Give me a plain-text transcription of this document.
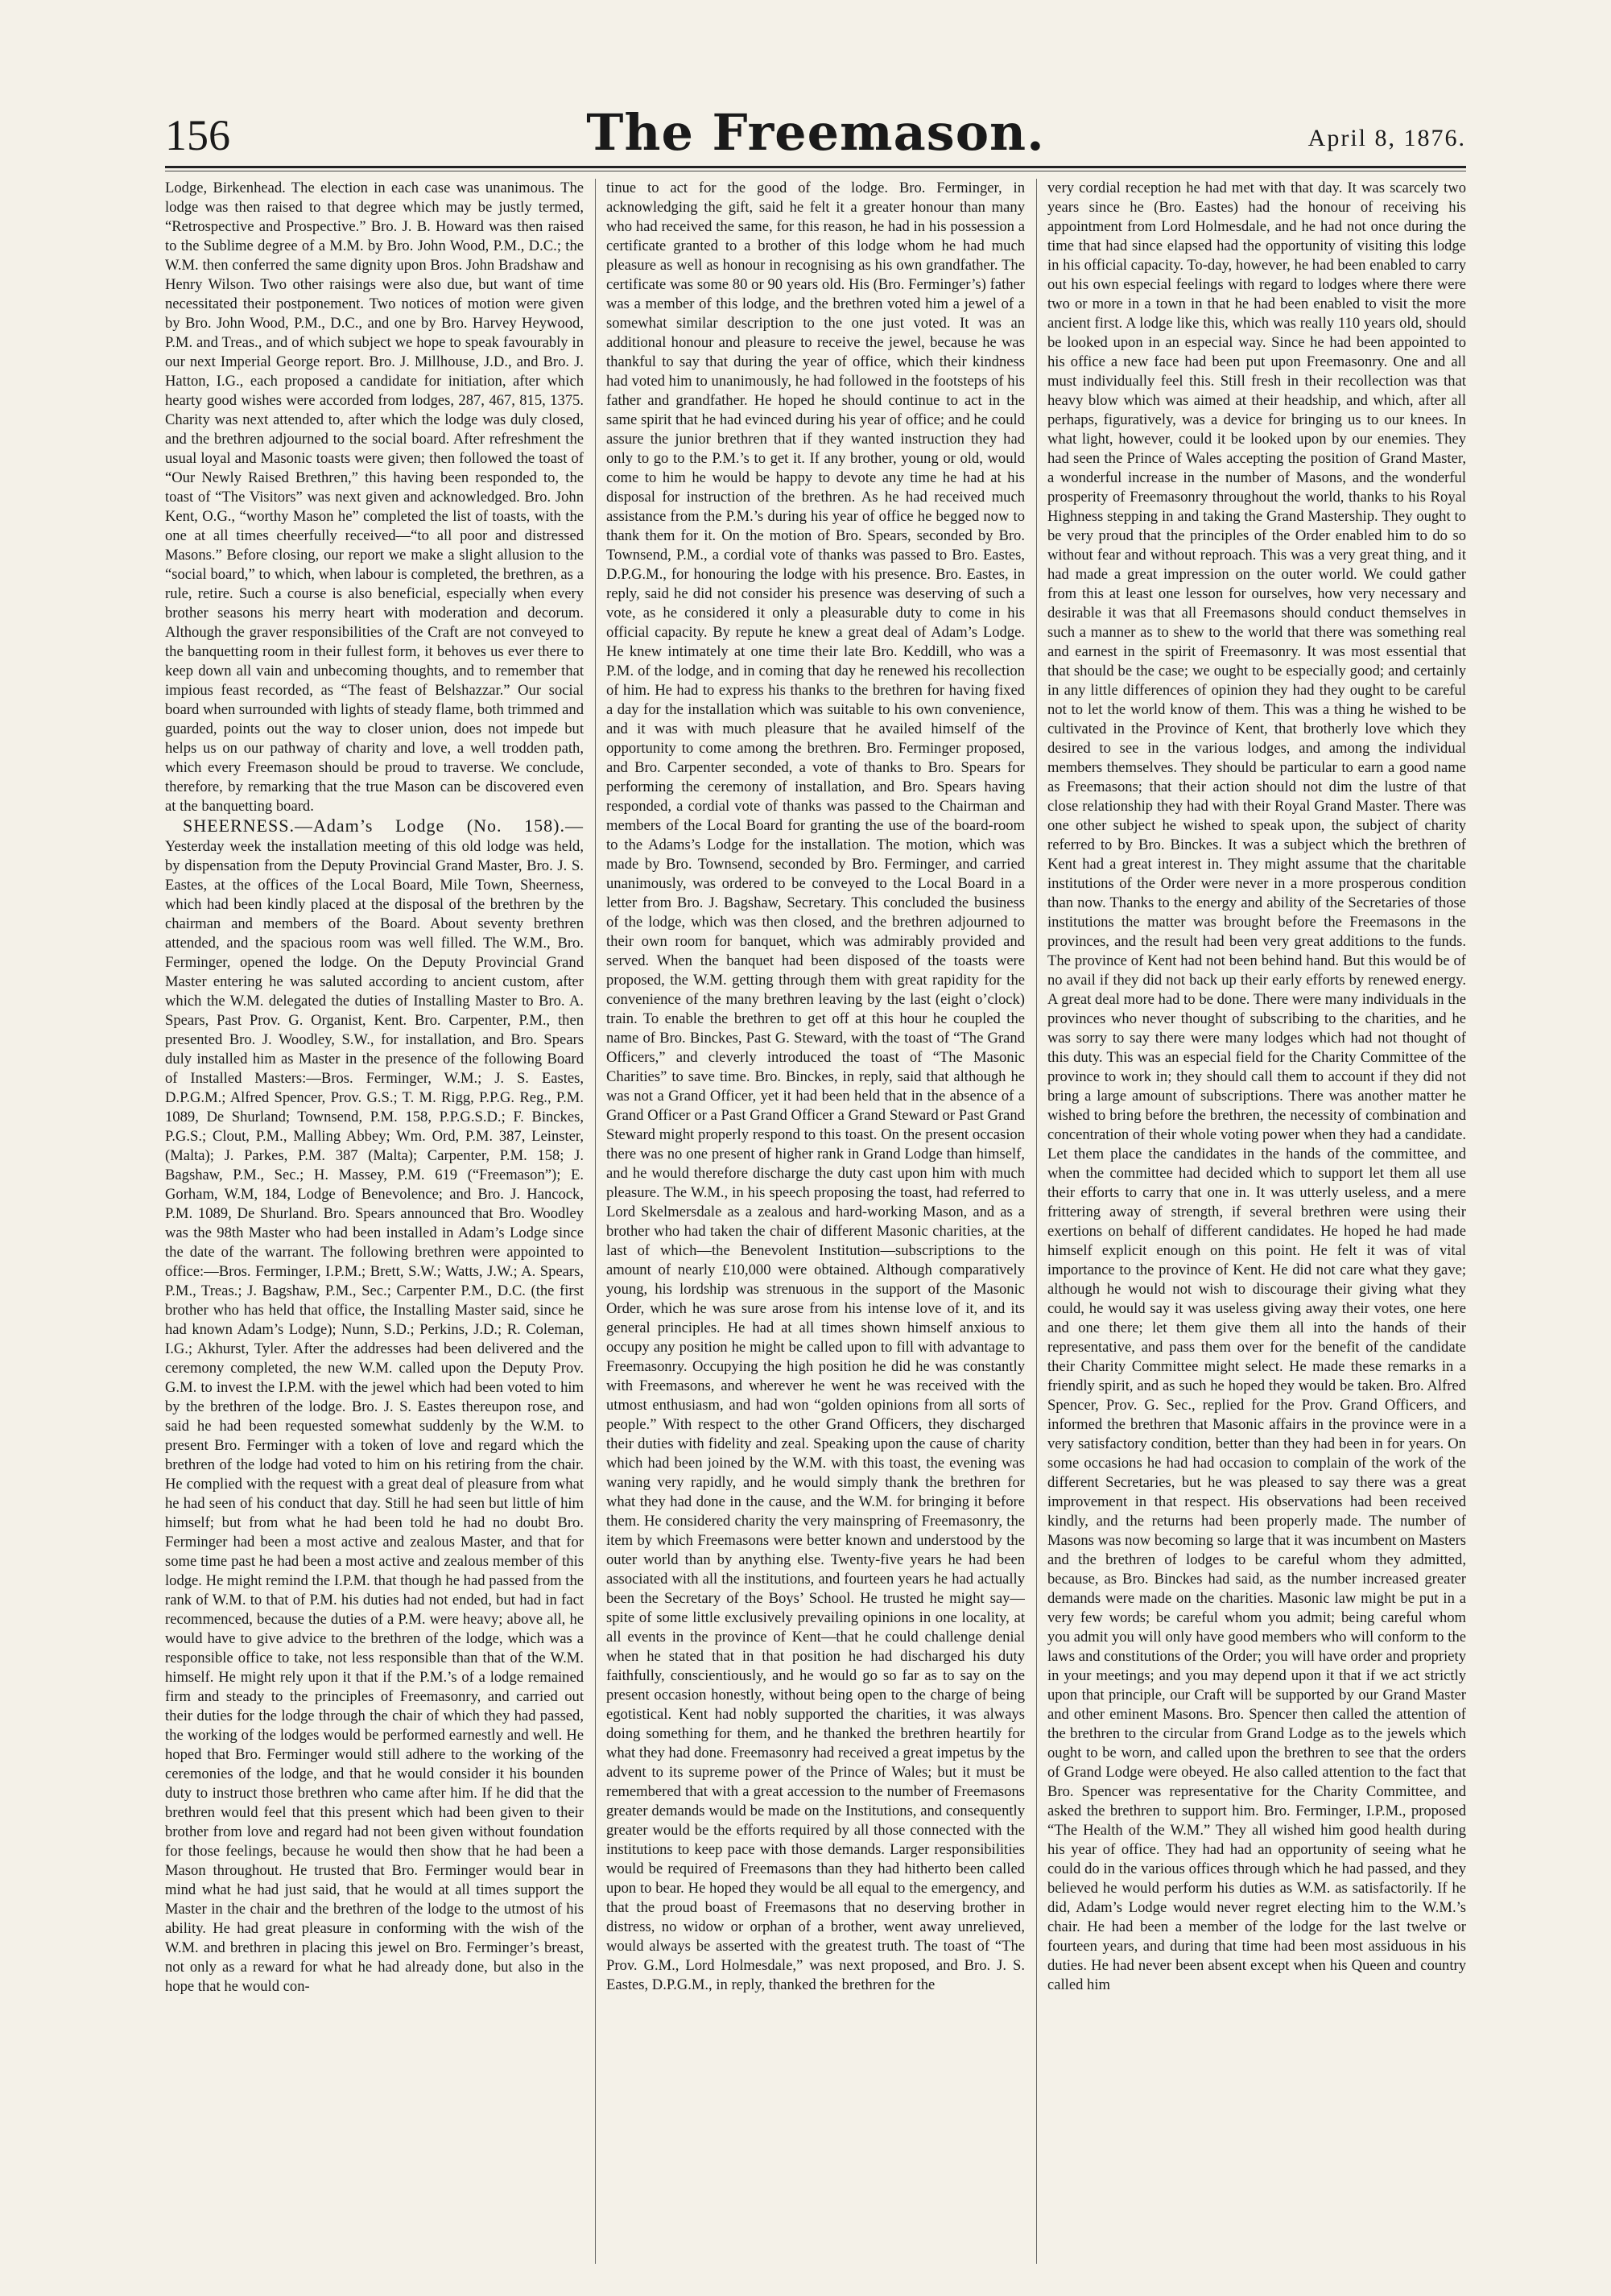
156	The Freemason.	April 8, 1876.

Lodge, Birkenhead. The election in each case was unanimous. The lodge was then raised to that degree which may be justly termed, “Retrospective and Prospective.” Bro. J. B. Howard was then raised to the Sublime degree of a M.M. by Bro. John Wood, P.M., D.C.; the W.M. then conferred the same dignity upon Bros. John Bradshaw and Henry Wilson. Two other raisings were also due, but want of time necessitated their postponement. Two notices of motion were given by Bro. John Wood, P.M., D.C., and one by Bro. Harvey Heywood, P.M. and Treas., and of which subject we hope to speak favourably in our next Imperial George report. Bro. J. Millhouse, J.D., and Bro. J. Hatton, I.G., each proposed a candidate for initiation, after which hearty good wishes were accorded from lodges, 287, 467, 815, 1375. Charity was next attended to, after which the lodge was duly closed, and the brethren adjourned to the social board. After refreshment the usual loyal and Masonic toasts were given; then followed the toast of “Our Newly Raised Brethren,” this having been responded to, the toast of “The Visitors” was next given and acknowledged. Bro. John Kent, O.G., “worthy Mason he” completed the list of toasts, with the one at all times cheerfully received—“to all poor and distressed Masons.” Before closing, our report we make a slight allusion to the “social board,” to which, when labour is completed, the brethren, as a rule, retire. Such a course is also beneficial, especially when every brother seasons his merry heart with moderation and decorum. Although the graver responsibilities of the Craft are not conveyed to the banquetting room in their fullest form, it behoves us ever there to keep down all vain and unbecoming thoughts, and to remember that impious feast recorded, as “The feast of Belshazzar.” Our social board when surrounded with lights of steady flame, both trimmed and guarded, points out the way to closer union, does not impede but helps us on our pathway of charity and love, a well trodden path, which every Freemason should be proud to traverse. We conclude, therefore, by remarking that the true Mason can be discovered even at the banquetting board.

SHEERNESS.—Adam’s Lodge (No. 158).— Yesterday week the installation meeting of this old lodge was held, by dispensation from the Deputy Provincial Grand Master, Bro. J. S. Eastes, at the offices of the Local Board, Mile Town, Sheerness, which had been kindly placed at the disposal of the brethren by the chairman and members of the Board. About seventy brethren attended, and the spacious room was well filled. The W.M., Bro. Ferminger, opened the lodge. On the Deputy Provincial Grand Master entering he was saluted according to ancient custom, after which the W.M. delegated the duties of Installing Master to Bro. A. Spears, Past Prov. G. Organist, Kent. Bro. Carpenter, P.M., then presented Bro. J. Woodley, S.W., for installation, and Bro. Spears duly installed him as Master in the presence of the following Board of Installed Masters:—Bros. Ferminger, W.M.; J. S. Eastes, D.P.G.M.; Alfred Spencer, Prov. G.S.; T. M. Rigg, P.P.G. Reg., P.M. 1089, De Shurland; Townsend, P.M. 158, P.P.G.S.D.; F. Binckes, P.G.S.; Clout, P.M., Malling Abbey; Wm. Ord, P.M. 387, Leinster, (Malta); J. Parkes, P.M. 387 (Malta); Carpenter, P.M. 158; J. Bagshaw, P.M., Sec.; H. Massey, P.M. 619 (“Freemason”); E. Gorham, W.M, 184, Lodge of Benevolence; and Bro. J. Hancock, P.M. 1089, De Shurland. Bro. Spears announced that Bro. Woodley was the 98th Master who had been installed in Adam’s Lodge since the date of the warrant. The following brethren were appointed to office:—Bros. Ferminger, I.P.M.; Brett, S.W.; Watts, J.W.; A. Spears, P.M., Treas.; J. Bagshaw, P.M., Sec.; Carpenter P.M., D.C. (the first brother who has held that office, the Installing Master said, since he had known Adam’s Lodge); Nunn, S.D.; Perkins, J.D.; R. Coleman, I.G.; Akhurst, Tyler. After the addresses had been delivered and the ceremony completed, the new W.M. called upon the Deputy Prov. G.M. to invest the I.P.M. with the jewel which had been voted to him by the brethren of the lodge. Bro. J. S. Eastes thereupon rose, and said he had been requested somewhat suddenly by the W.M. to present Bro. Ferminger with a token of love and regard which the brethren of the lodge had voted to him on his retiring from the chair. He complied with the request with a great deal of pleasure from what he had seen of his conduct that day. Still he had seen but little of him himself; but from what he had been told he had no doubt Bro. Ferminger had been a most active and zealous Master, and that for some time past he had been a most active and zealous member of this lodge. He might remind the I.P.M. that though he had passed from the rank of W.M. to that of P.M. his duties had not ended, but had in fact recommenced, because the duties of a P.M. were heavy; above all, he would have to give advice to the brethren of the lodge, which was a responsible office to take, not less responsible than that of the W.M. himself. He might rely upon it that if the P.M.’s of a lodge remained firm and steady to the principles of Freemasonry, and carried out their duties for the lodge through the chair of which they had passed, the working of the lodges would be performed earnestly and well. He hoped that Bro. Ferminger would still adhere to the working of the ceremonies of the lodge, and that he would consider it his bounden duty to instruct those brethren who came after him. If he did that the brethren would feel that this present which had been given to their brother from love and regard had not been given without foundation for those feelings, because he would then show that he had been a Mason throughout. He trusted that Bro. Ferminger would bear in mind what he had just said, that he would at all times support the Master in the chair and the brethren of the lodge to the utmost of his ability. He had great pleasure in conforming with the wish of the W.M. and brethren in placing this jewel on Bro. Ferminger’s breast, not only as a reward for what he had already done, but also in the hope that he would con-

tinue to act for the good of the lodge. Bro. Ferminger, in acknowledging the gift, said he felt it a greater honour than many who had received the same, for this reason, he had in his possession a certificate granted to a brother of this lodge whom he had much pleasure as well as honour in recognising as his own grandfather. The certificate was some 80 or 90 years old. His (Bro. Ferminger’s) father was a member of this lodge, and the brethren voted him a jewel of a somewhat similar description to the one just voted. It was an additional honour and pleasure to receive the jewel, because he was thankful to say that during the year of office, which their kindness had voted him to unanimously, he had followed in the footsteps of his father and grandfather. He hoped he should continue to act in the same spirit that he had evinced during his year of office; and he could assure the junior brethren that if they wanted instruction they had only to go to the P.M.’s to get it. If any brother, young or old, would come to him he would be happy to devote any time he had at his disposal for instruction of the brethren. As he had received much assistance from the P.M.’s during his year of office he begged now to thank them for it. On the motion of Bro. Spears, seconded by Bro. Townsend, P.M., a cordial vote of thanks was passed to Bro. Eastes, D.P.G.M., for honouring the lodge with his presence. Bro. Eastes, in reply, said he did not consider his presence was deserving of such a vote, as he considered it only a pleasurable duty to come in his official capacity. By repute he knew a great deal of Adam’s Lodge. He knew intimately at one time their late Bro. Keddill, who was a P.M. of the lodge, and in coming that day he renewed his recollection of him. He had to express his thanks to the brethren for having fixed a day for the installation which was suitable to his own convenience, and it was with much pleasure that he availed himself of the opportunity to come among the brethren. Bro. Ferminger proposed, and Bro. Carpenter seconded, a vote of thanks to Bro. Spears for performing the ceremony of installation, and Bro. Spears having responded, a cordial vote of thanks was passed to the Chairman and members of the Local Board for granting the use of the board-room to the Adams’s Lodge for the installation. The motion, which was made by Bro. Townsend, seconded by Bro. Ferminger, and carried unanimously, was ordered to be conveyed to the Local Board in a letter from Bro. J. Bagshaw, Secretary. This concluded the business of the lodge, which was then closed, and the brethren adjourned to their own room for banquet, which was admirably provided and served. When the banquet had been disposed of the toasts were proposed, the W.M. getting through them with great rapidity for the convenience of the many brethren leaving by the last (eight o’clock) train. To enable the brethren to get off at this hour he coupled the name of Bro. Binckes, Past G. Steward, with the toast of “The Grand Officers,” and cleverly introduced the toast of “The Masonic Charities” to save time. Bro. Binckes, in reply, said that although he was not a Grand Officer, yet it had been held that in the absence of a Grand Officer or a Past Grand Officer a Grand Steward or Past Grand Steward might properly respond to this toast. On the present occasion there was no one present of higher rank in Grand Lodge than himself, and he would therefore discharge the duty cast upon him with much pleasure. The W.M., in his speech proposing the toast, had referred to Lord Skelmersdale as a zealous and hard-working Mason, and as a brother who had taken the chair of different Masonic charities, at the last of which—the Benevolent Institution—subscriptions to the amount of nearly £10,000 were obtained. Although comparatively young, his lordship was strenuous in the support of the Masonic Order, which he was sure arose from his intense love of it, and its general principles. He had at all times shown himself anxious to occupy any position he might be called upon to fill with advantage to Freemasonry. Occupying the high position he did he was constantly with Freemasons, and wherever he went he was received with the utmost enthusiasm, and had won “golden opinions from all sorts of people.” With respect to the other Grand Officers, they discharged their duties with fidelity and zeal. Speaking upon the cause of charity which had been joined by the W.M. with this toast, the evening was waning very rapidly, and he would simply thank the brethren for what they had done in the cause, and the W.M. for bringing it before them. He considered charity the very mainspring of Freemasonry, the item by which Freemasons were better known and understood by the outer world than by anything else. Twenty-five years he had been associated with all the institutions, and fourteen years he had actually been the Secretary of the Boys’ School. He trusted he might say—spite of some little exclusively prevailing opinions in one locality, at all events in the province of Kent—that he could challenge denial when he stated that in that position he had discharged his duty faithfully, conscientiously, and he would go so far as to say on the present occasion honestly, without being open to the charge of being egotistical. Kent had nobly supported the charities, it was always doing something for them, and he thanked the brethren heartily for what they had done. Freemasonry had received a great impetus by the advent to its supreme power of the Prince of Wales; but it must be remembered that with a great accession to the number of Freemasons greater demands would be made on the Institutions, and consequently greater would be the efforts required by all those connected with the institutions to keep pace with those demands. Larger responsibilities would be required of Freemasons than they had hitherto been called upon to bear. He hoped they would be all equal to the emergency, and that the proud boast of Freemasons that no deserving brother in distress, no widow or orphan of a brother, went away unrelieved, would always be asserted with the greatest truth. The toast of “The Prov. G.M., Lord Holmesdale,” was next proposed, and Bro. J. S. Eastes, D.P.G.M., in reply, thanked the brethren for the

very cordial reception he had met with that day. It was scarcely two years since he (Bro. Eastes) had the honour of receiving his appointment from Lord Holmesdale, and he had not once during the time that had since elapsed had the opportunity of visiting this lodge in his official capacity. To-day, however, he had been enabled to carry out his own especial feelings with regard to lodges where there were two or more in a town in that he had been enabled to visit the more ancient first. A lodge like this, which was really 110 years old, should be looked upon in an especial way. Since he had been appointed to his office a new face had been put upon Freemasonry. One and all must individually feel this. Still fresh in their recollection was that heavy blow which was aimed at their headship, and which, after all perhaps, figuratively, was a device for bringing us to our knees. In what light, however, could it be looked upon by our enemies. They had seen the Prince of Wales accepting the position of Grand Master, a wonderful increase in the number of Masons, and the wonderful prosperity of Freemasonry throughout the world, thanks to his Royal Highness stepping in and taking the Grand Mastership. They ought to be very proud that the principles of the Order enabled him to do so without fear and without reproach. This was a very great thing, and it had made a great impression on the outer world. We could gather from this at least one lesson for ourselves, how very necessary and desirable it was that all Freemasons should conduct themselves in such a manner as to shew to the world that there was something real and earnest in the spirit of Freemasonry. It was most essential that that should be the case; we ought to be especially good; and certainly in any little differences of opinion they had they ought to be careful not to let the world know of them. This was a thing he wished to be cultivated in the Province of Kent, that brotherly love which they desired to see in the various lodges, and among the individual members themselves. They should be particular to earn a good name as Freemasons; that their action should not dim the lustre of that close relationship they had with their Royal Grand Master. There was one other subject he wished to speak upon, the subject of charity referred to by Bro. Binckes. It was a subject which the brethren of Kent had a great interest in. They might assume that the charitable institutions of the Order were never in a more prosperous condition than now. Thanks to the energy and ability of the Secretaries of those institutions the matter was brought before the Freemasons in the provinces, and the result had been very great additions to the funds. The province of Kent had not been behind hand. But this would be of no avail if they did not back up their early efforts by renewed energy. A great deal more had to be done. There were many individuals in the provinces who never thought of subscribing to the charities, and he was sorry to say there were many lodges which had not thought of this duty. This was an especial field for the Charity Committee of the province to work in; they should call them to account if they did not bring a large amount of subscriptions. There was another matter he wished to bring before the brethren, the necessity of combination and concentration of their whole voting power when they had a candidate. Let them place the candidates in the hands of the committee, and when the committee had decided which to support let them all use their efforts to carry that one in. It was utterly useless, and a mere frittering away of strength, if several brethren were using their exertions on behalf of different candidates. He hoped he had made himself explicit enough on this point. He felt it was of vital importance to the province of Kent. He did not care what they gave; although he would not wish to discourage their giving what they could, he would say it was useless giving away their votes, one here and one there; let them give them all into the hands of their representative, and pass them over for the benefit of the candidate their Charity Committee might select. He made these remarks in a friendly spirit, and as such he hoped they would be taken. Bro. Alfred Spencer, Prov. G. Sec., replied for the Prov. Grand Officers, and informed the brethren that Masonic affairs in the province were in a very satisfactory condition, better than they had been in for years. On some occasions he had had occasion to complain of the work of the different Secretaries, but he was pleased to say there was a great improvement in that respect. His observations had been received kindly, and the returns had been properly made. The number of Masons was now becoming so large that it was incumbent on Masters and the brethren of lodges to be careful whom they admitted, because, as Bro. Binckes had said, as the number increased greater demands were made on the charities. Masonic law might be put in a very few words; be careful whom you admit; being careful whom you admit you will only have good members who will conform to the laws and constitutions of the Order; you will have order and propriety in your meetings; and you may depend upon it that if we act strictly upon that principle, our Craft will be supported by our Grand Master and other eminent Masons. Bro. Spencer then called the attention of the brethren to the circular from Grand Lodge as to the jewels which ought to be worn, and called upon the brethren to see that the orders of Grand Lodge were obeyed. He also called attention to the fact that Bro. Spencer was representative for the Charity Committee, and asked the brethren to support him. Bro. Ferminger, I.P.M., proposed “The Health of the W.M.” They all wished him good health during his year of office. They had had an opportunity of seeing what he could do in the various offices through which he had passed, and they believed he would perform his duties as W.M. as satisfactorily. If he did, Adam’s Lodge would never regret electing him to the W.M.’s chair. He had been a member of the lodge for the last twelve or fourteen years, and during that time had been most assiduous in his duties. He had never been absent except when his Queen and country called him
